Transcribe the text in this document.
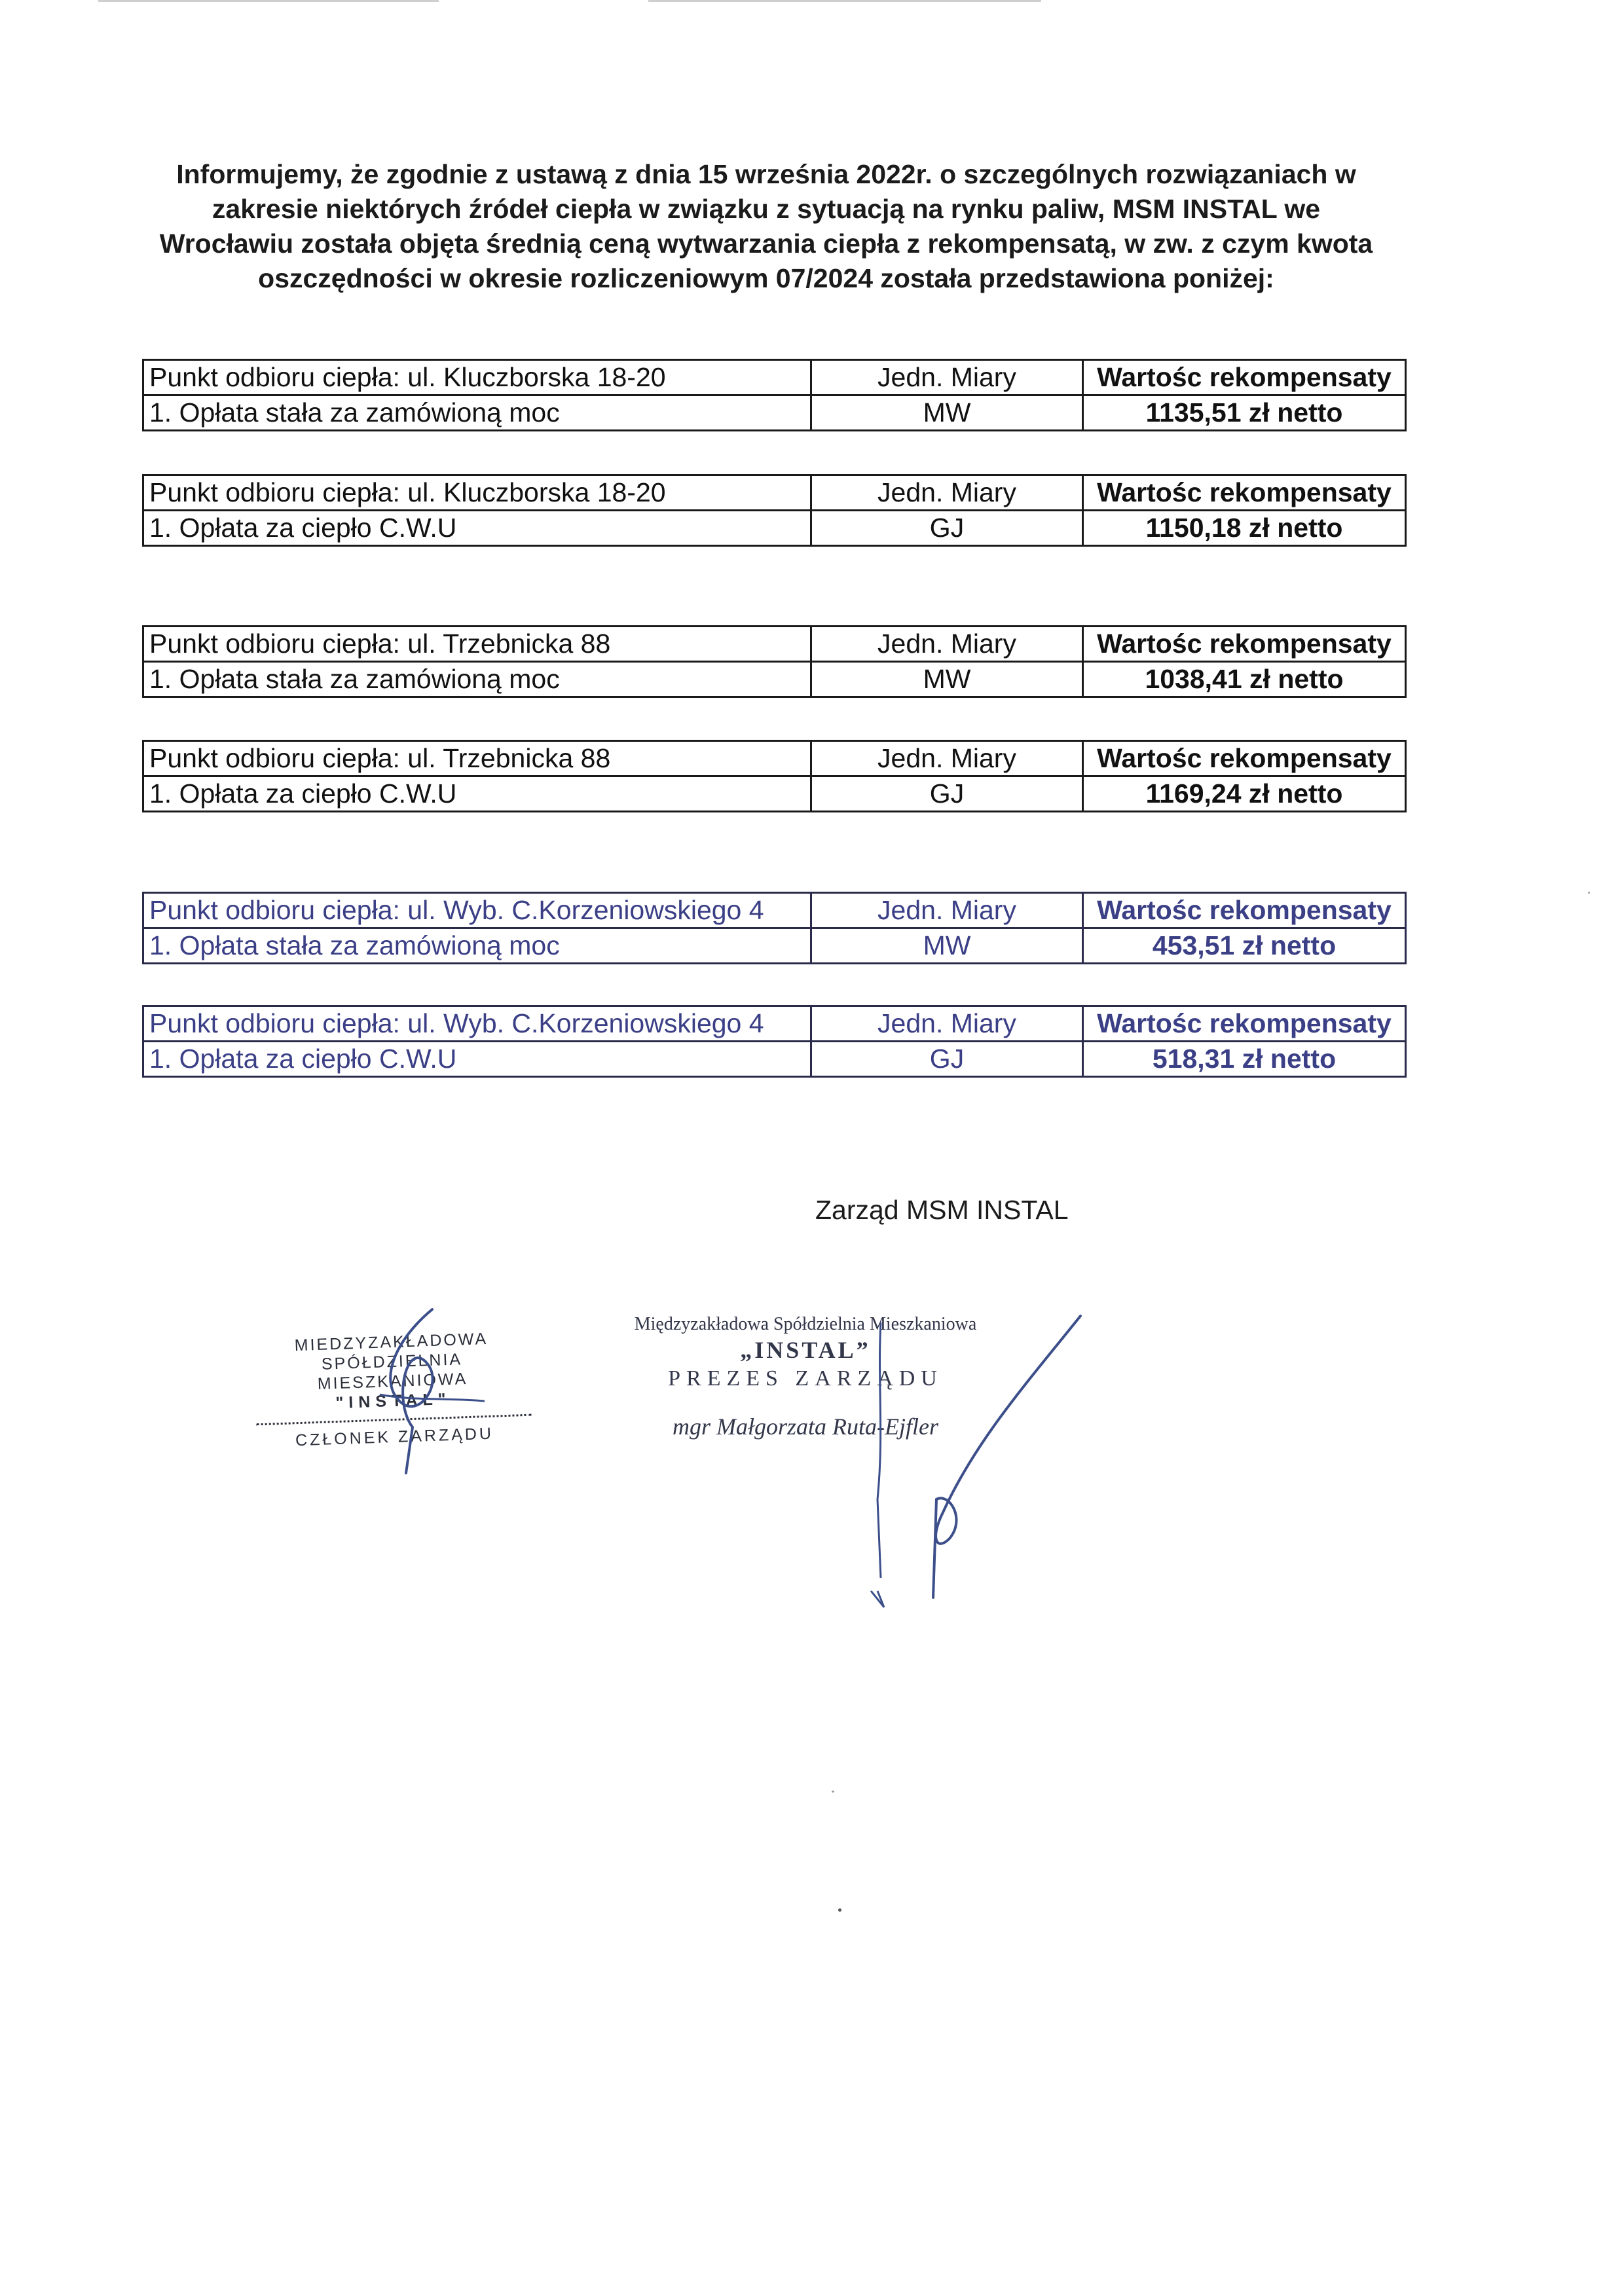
Informujemy, że zgodnie z ustawą z dnia 15 września 2022r. o szczególnych rozwiązaniach w zakresie niektórych źródeł ciepła w związku z sytuacją na rynku paliw, MSM INSTAL we Wrocławiu została objęta średnią ceną wytwarzania ciepła z rekompensatą, w zw. z czym kwota oszczędności w okresie rozliczeniowym 07/2024 została przedstawiona poniżej:
Punkt odbioru ciepła: ul. Kluczborska 18-20	Jedn. Miary	Wartośc rekompensaty
1. Opłata stała za zamówioną moc	MW	1135,51 zł netto
Punkt odbioru ciepła: ul. Kluczborska 18-20	Jedn. Miary	Wartośc rekompensaty
1. Opłata za ciepło C.W.U	GJ	1150,18 zł netto
Punkt odbioru ciepła: ul. Trzebnicka 88	Jedn. Miary	Wartośc rekompensaty
1. Opłata stała za zamówioną moc	MW	1038,41 zł netto
Punkt odbioru ciepła: ul. Trzebnicka 88	Jedn. Miary	Wartośc rekompensaty
1. Opłata za ciepło C.W.U	GJ	1169,24 zł netto
Punkt odbioru ciepła: ul. Wyb. C.Korzeniowskiego 4	Jedn. Miary	Wartośc rekompensaty
1. Opłata stała za zamówioną moc	MW	453,51 zł netto
Punkt odbioru ciepła: ul. Wyb. C.Korzeniowskiego 4	Jedn. Miary	Wartośc rekompensaty
1. Opłata za ciepło C.W.U	GJ	518,31 zł netto
Zarząd MSM INSTAL
MIEDZYZAKŁADOWA
SPÓŁDZIELNIA MIESZKANIOWA
"INSTAL"
CZŁONEK ZARZĄDU
Międzyzakładowa Spółdzielnia Mieszkaniowa
„INSTAL”
PREZES ZARZĄDU
mgr Małgorzata Ruta-Ejfler
